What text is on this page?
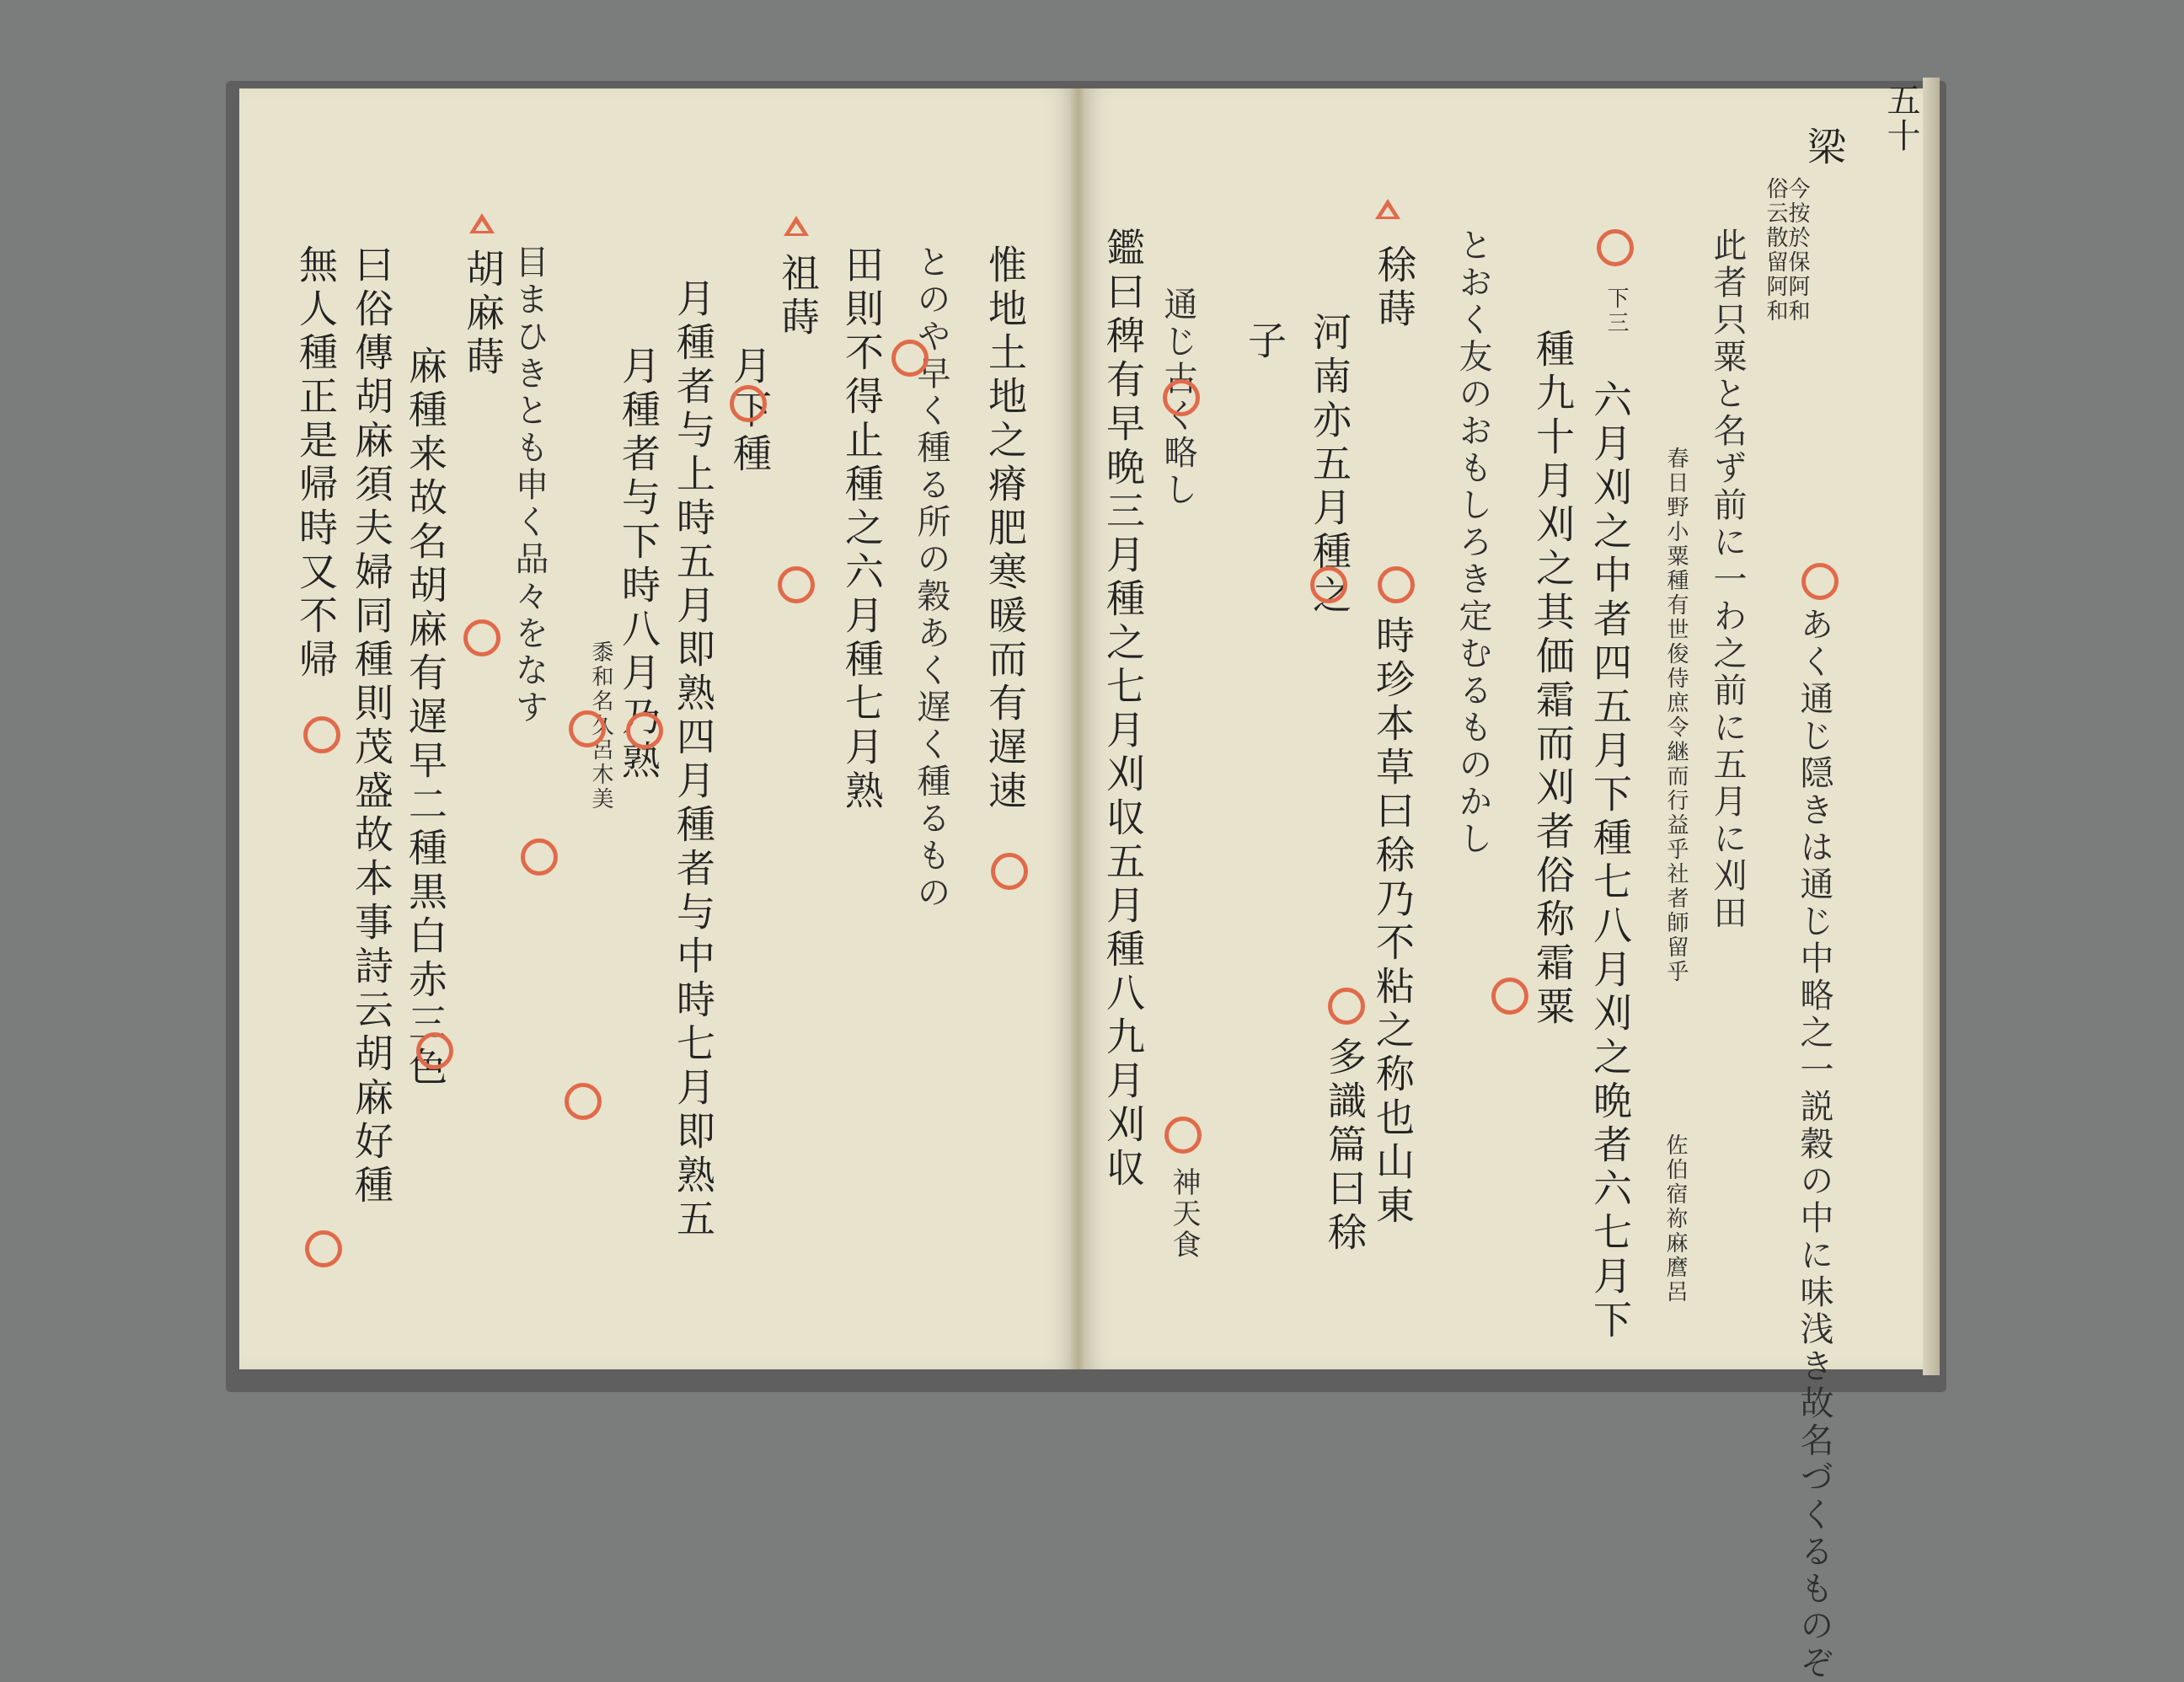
五十
梁
今按於保阿和
俗云散留阿和
あく通じ隠きは通じ中略之一説穀の中に味浅き故名づくるものぞ
此者只粟と名ず前に一わ之前に五月に刈田
下三
六月刈之中者四五月下種七八月刈之晩者六七月下 春日野小粟種有世俊侍庶令継而行益乎社者師留乎
種九十月刈之其価霜而刈者俗称霜粟
佐伯宿祢麻麿呂
とおく友のおもしろき定むるものかし
稌蒔
河南亦五月種之
子
通じ古く略し
鑑曰稗有早晩三月種之七月刈収五月種八九月刈収	時珍本草曰稌乃不粘之称也山東
多識篇曰稌
神天食
惟地土地之瘠肥寒暖而有遅速
とのや早く種る所の穀あく遅く種るもの
田則不得止種之六月種七月熟
祖蒔
月下種
月種者与上時五月即熟四月種者与中時七月即熟五
月種者与下時八月乃熟
黍和名久呂木美
目まひきとも申く品々をなす
麻種来故名胡麻有遅早二種黒白赤三色
曰俗傳胡麻須夫婦同種則茂盛故本事詩云胡麻好種
無人種正是帰時又不帰	胡麻蒔
